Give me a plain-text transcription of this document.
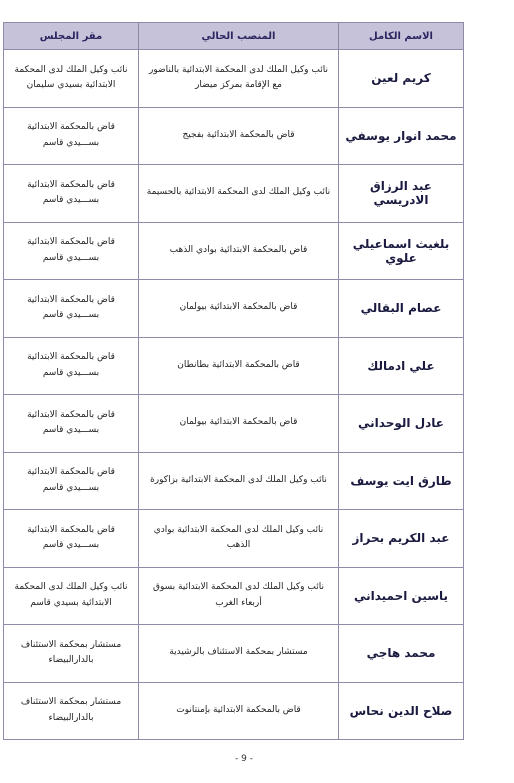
الاسم الكامل	المنصب الحالي	مقر المجلس
كريم لعين	نائب وكيل الملك لدى المحكمة الابتدائية بالناضور مع الإقامة بمركز ميضار	نائب وكيل الملك لدى المحكمة الابتدائية بسيدي سليمان
محمد انوار يوسفي	قاض بالمحكمة الابتدائية بفجيج	قاض بالمحكمة الابتدائية بســـيدي قاسم
عبد الرزاق الادريسي	نائب وكيل الملك لدى المحكمة الابتدائية بالحسيمة	قاض بالمحكمة الابتدائية بســـيدي قاسم
بلغيث اسماعيلي علوي	قاض بالمحكمة الابتدائية بوادي الذهب	قاض بالمحكمة الابتدائية بســـيدي قاسم
عصام البقالي	قاض بالمحكمة الابتدائية بيولمان	قاض بالمحكمة الابتدائية بســـيدي قاسم
علي ادمالك	قاض بالمحكمة الابتدائية بطانطان	قاض بالمحكمة الابتدائية بســـيدي قاسم
عادل الوحداني	قاض بالمحكمة الابتدائية بيولمان	قاض بالمحكمة الابتدائية بســـيدي قاسم
طارق ايت يوسف	نائب وكيل الملك لدى المحكمة الابتدائية بزاكورة	قاض بالمحكمة الابتدائية بســـيدي قاسم
عبد الكريم بحراز	نائب وكيل الملك لدى المحكمة الابتدائية بوادي الذهب	قاض بالمحكمة الابتدائية بســـيدي قاسم
ياسين احميداني	نائب وكيل الملك لدى المحكمة الابتدائية بسوق أربعاء الغرب	نائب وكيل الملك لدى المحكمة الابتدائية بسيدي قاسم
محمد هاجي	مستشار بمحكمة الاستئناف بالرشيدية	مستشار بمحكمة الاستئناف بالدارالبيضاء
صلاح الدين نحاس	قاض بالمحكمة الابتدائية بإمنتانوت	مستشار بمحكمة الاستئناف بالدارالبيضاء
- 9 -
